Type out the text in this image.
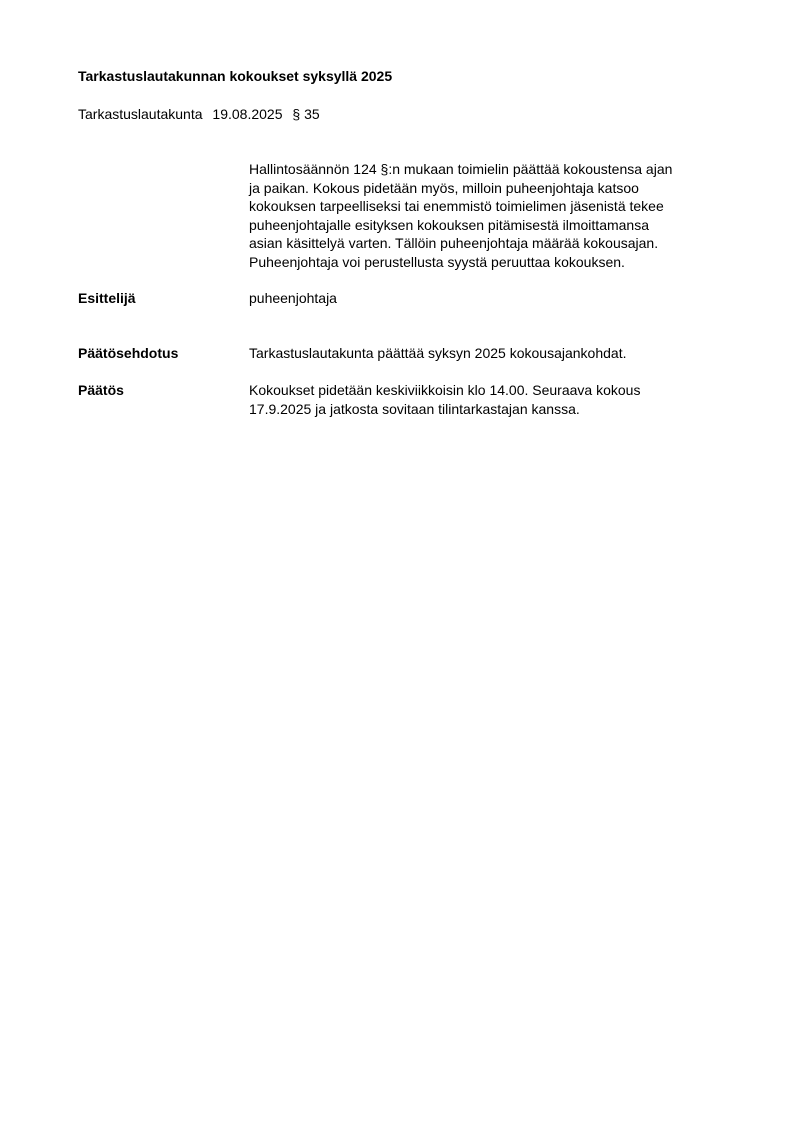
Tarkastuslautakunnan kokoukset syksyllä 2025
Tarkastuslautakunta 19.08.2025 § 35
Hallintosäännön 124 §:n mukaan toimielin päättää kokoustensa ajan
ja paikan. Kokous pidetään myös, milloin puheenjohtaja katsoo
kokouksen tarpeelliseksi tai enemmistö toimielimen jäsenistä tekee
puheenjohtajalle esityksen kokouksen pitämisestä ilmoittamansa
asian käsittelyä varten. Tällöin puheenjohtaja määrää kokousajan.
Puheenjohtaja voi perustellusta syystä peruuttaa kokouksen.
Esittelijä	puheenjohtaja
Päätösehdotus	Tarkastuslautakunta päättää syksyn 2025 kokousajankohdat.
Päätös	Kokoukset pidetään keskiviikkoisin klo 14.00. Seuraava kokous
17.9.2025 ja jatkosta sovitaan tilintarkastajan kanssa.
